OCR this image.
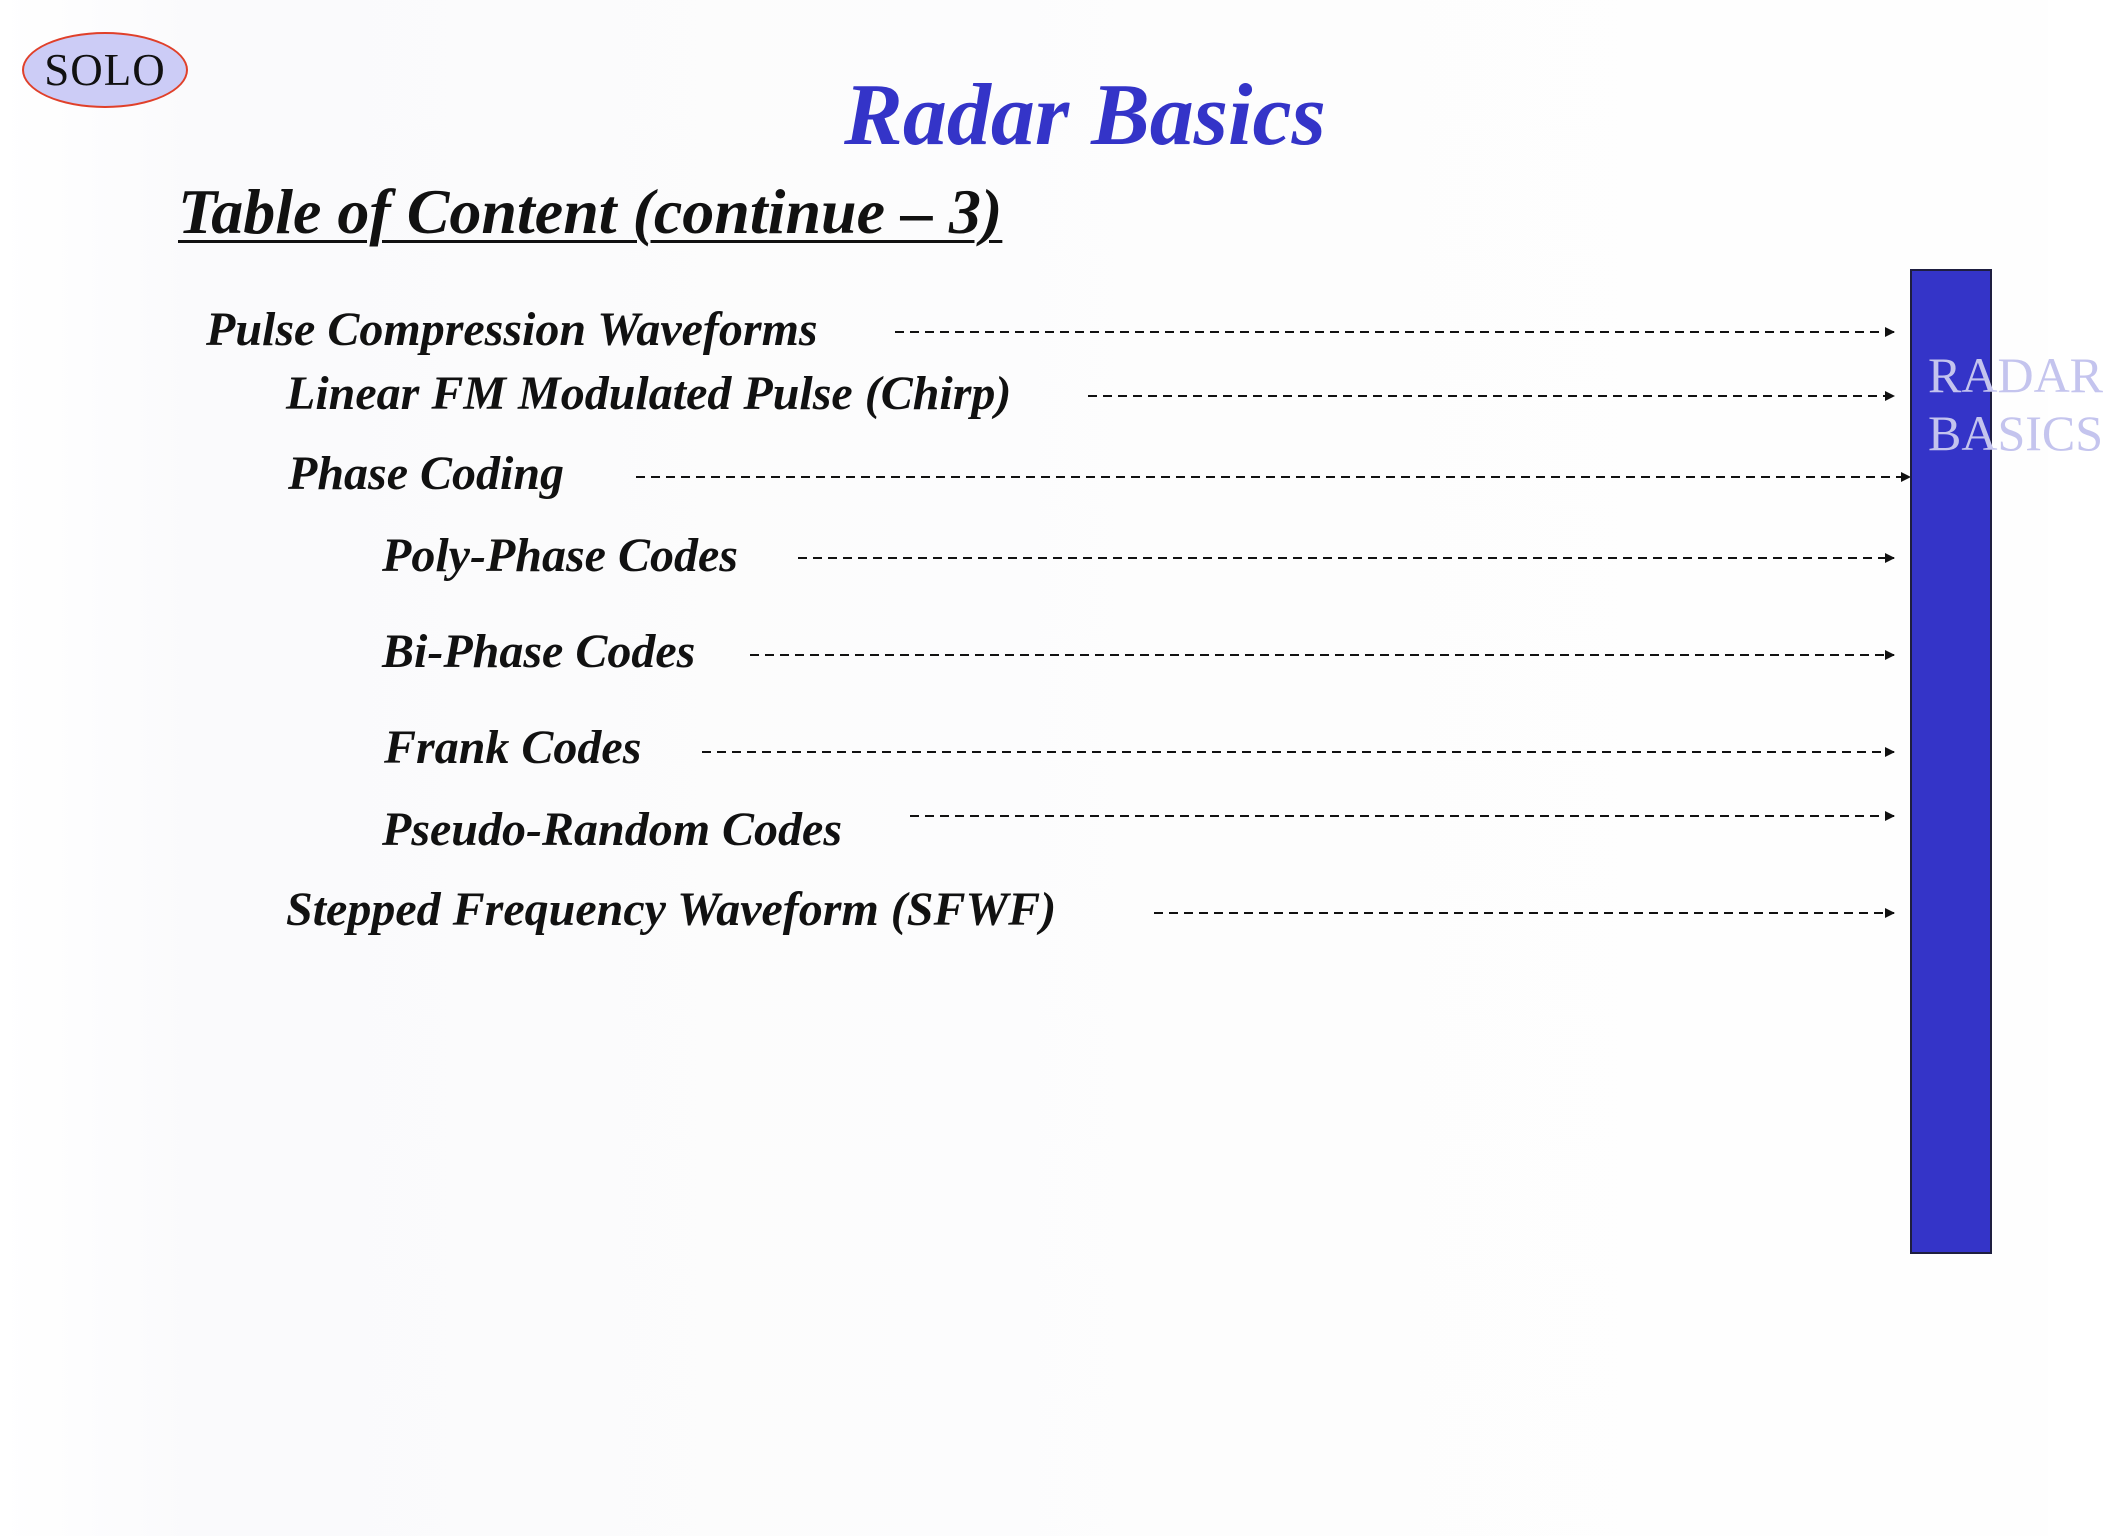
SOLO	Radar Basics
Table of Content (continue – 3)
Pulse Compression Waveforms
Linear FM Modulated Pulse (Chirp)
Phase Coding
Poly-Phase Codes
Bi-Phase Codes
Frank Codes
Pseudo-Random Codes
Stepped Frequency Waveform (SFWF)
RADAR
BASICS
